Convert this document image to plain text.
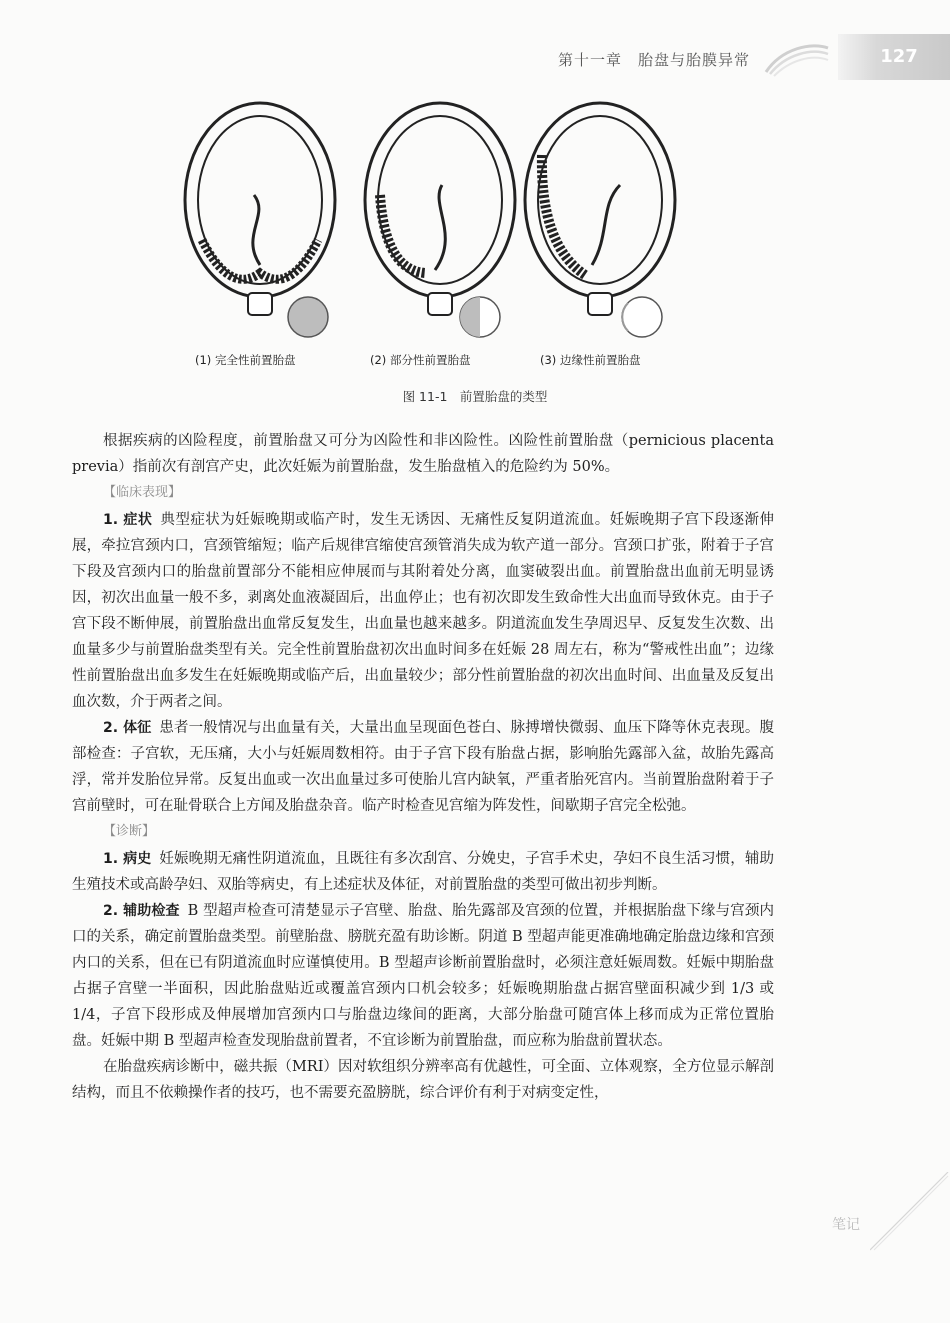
第十一章　胎盘与胎膜异常	127
(1) 完全性前置胎盘	(2) 部分性前置胎盘	(3) 边缘性前置胎盘
图 11-1　前置胎盘的类型

根据疾病的凶险程度，前置胎盘又可分为凶险性和非凶险性。凶险性前置胎盘（pernicious placenta previa）指前次有剖宫产史，此次妊娠为前置胎盘，发生胎盘植入的危险约为 50%。

【临床表现】

1. 症状 典型症状为妊娠晚期或临产时，发生无诱因、无痛性反复阴道流血。妊娠晚期子宫下段逐渐伸展，牵拉宫颈内口，宫颈管缩短；临产后规律宫缩使宫颈管消失成为软产道一部分。宫颈口扩张，附着于子宫下段及宫颈内口的胎盘前置部分不能相应伸展而与其附着处分离，血窦破裂出血。前置胎盘出血前无明显诱因，初次出血量一般不多，剥离处血液凝固后，出血停止；也有初次即发生致命性大出血而导致休克。由于子宫下段不断伸展，前置胎盘出血常反复发生，出血量也越来越多。阴道流血发生孕周迟早、反复发生次数、出血量多少与前置胎盘类型有关。完全性前置胎盘初次出血时间多在妊娠 28 周左右，称为“警戒性出血”；边缘性前置胎盘出血多发生在妊娠晚期或临产后，出血量较少；部分性前置胎盘的初次出血时间、出血量及反复出血次数，介于两者之间。

2. 体征 患者一般情况与出血量有关，大量出血呈现面色苍白、脉搏增快微弱、血压下降等休克表现。腹部检查：子宫软，无压痛，大小与妊娠周数相符。由于子宫下段有胎盘占据，影响胎先露部入盆，故胎先露高浮，常并发胎位异常。反复出血或一次出血量过多可使胎儿宫内缺氧，严重者胎死宫内。当前置胎盘附着于子宫前壁时，可在耻骨联合上方闻及胎盘杂音。临产时检查见宫缩为阵发性，间歇期子宫完全松弛。

【诊断】

1. 病史 妊娠晚期无痛性阴道流血，且既往有多次刮宫、分娩史，子宫手术史，孕妇不良生活习惯，辅助生殖技术或高龄孕妇、双胎等病史，有上述症状及体征，对前置胎盘的类型可做出初步判断。

2. 辅助检查 B 型超声检查可清楚显示子宫壁、胎盘、胎先露部及宫颈的位置，并根据胎盘下缘与宫颈内口的关系，确定前置胎盘类型。前壁胎盘、膀胱充盈有助诊断。阴道 B 型超声能更准确地确定胎盘边缘和宫颈内口的关系，但在已有阴道流血时应谨慎使用。B 型超声诊断前置胎盘时，必须注意妊娠周数。妊娠中期胎盘占据子宫壁一半面积，因此胎盘贴近或覆盖宫颈内口机会较多；妊娠晚期胎盘占据宫壁面积减少到 1/3 或 1/4，子宫下段形成及伸展增加宫颈内口与胎盘边缘间的距离，大部分胎盘可随宫体上移而成为正常位置胎盘。妊娠中期 B 型超声检查发现胎盘前置者，不宜诊断为前置胎盘，而应称为胎盘前置状态。

在胎盘疾病诊断中，磁共振（MRI）因对软组织分辨率高有优越性，可全面、立体观察，全方位显示解剖结构，而且不依赖操作者的技巧，也不需要充盈膀胱，综合评价有利于对病变定性，

笔记
